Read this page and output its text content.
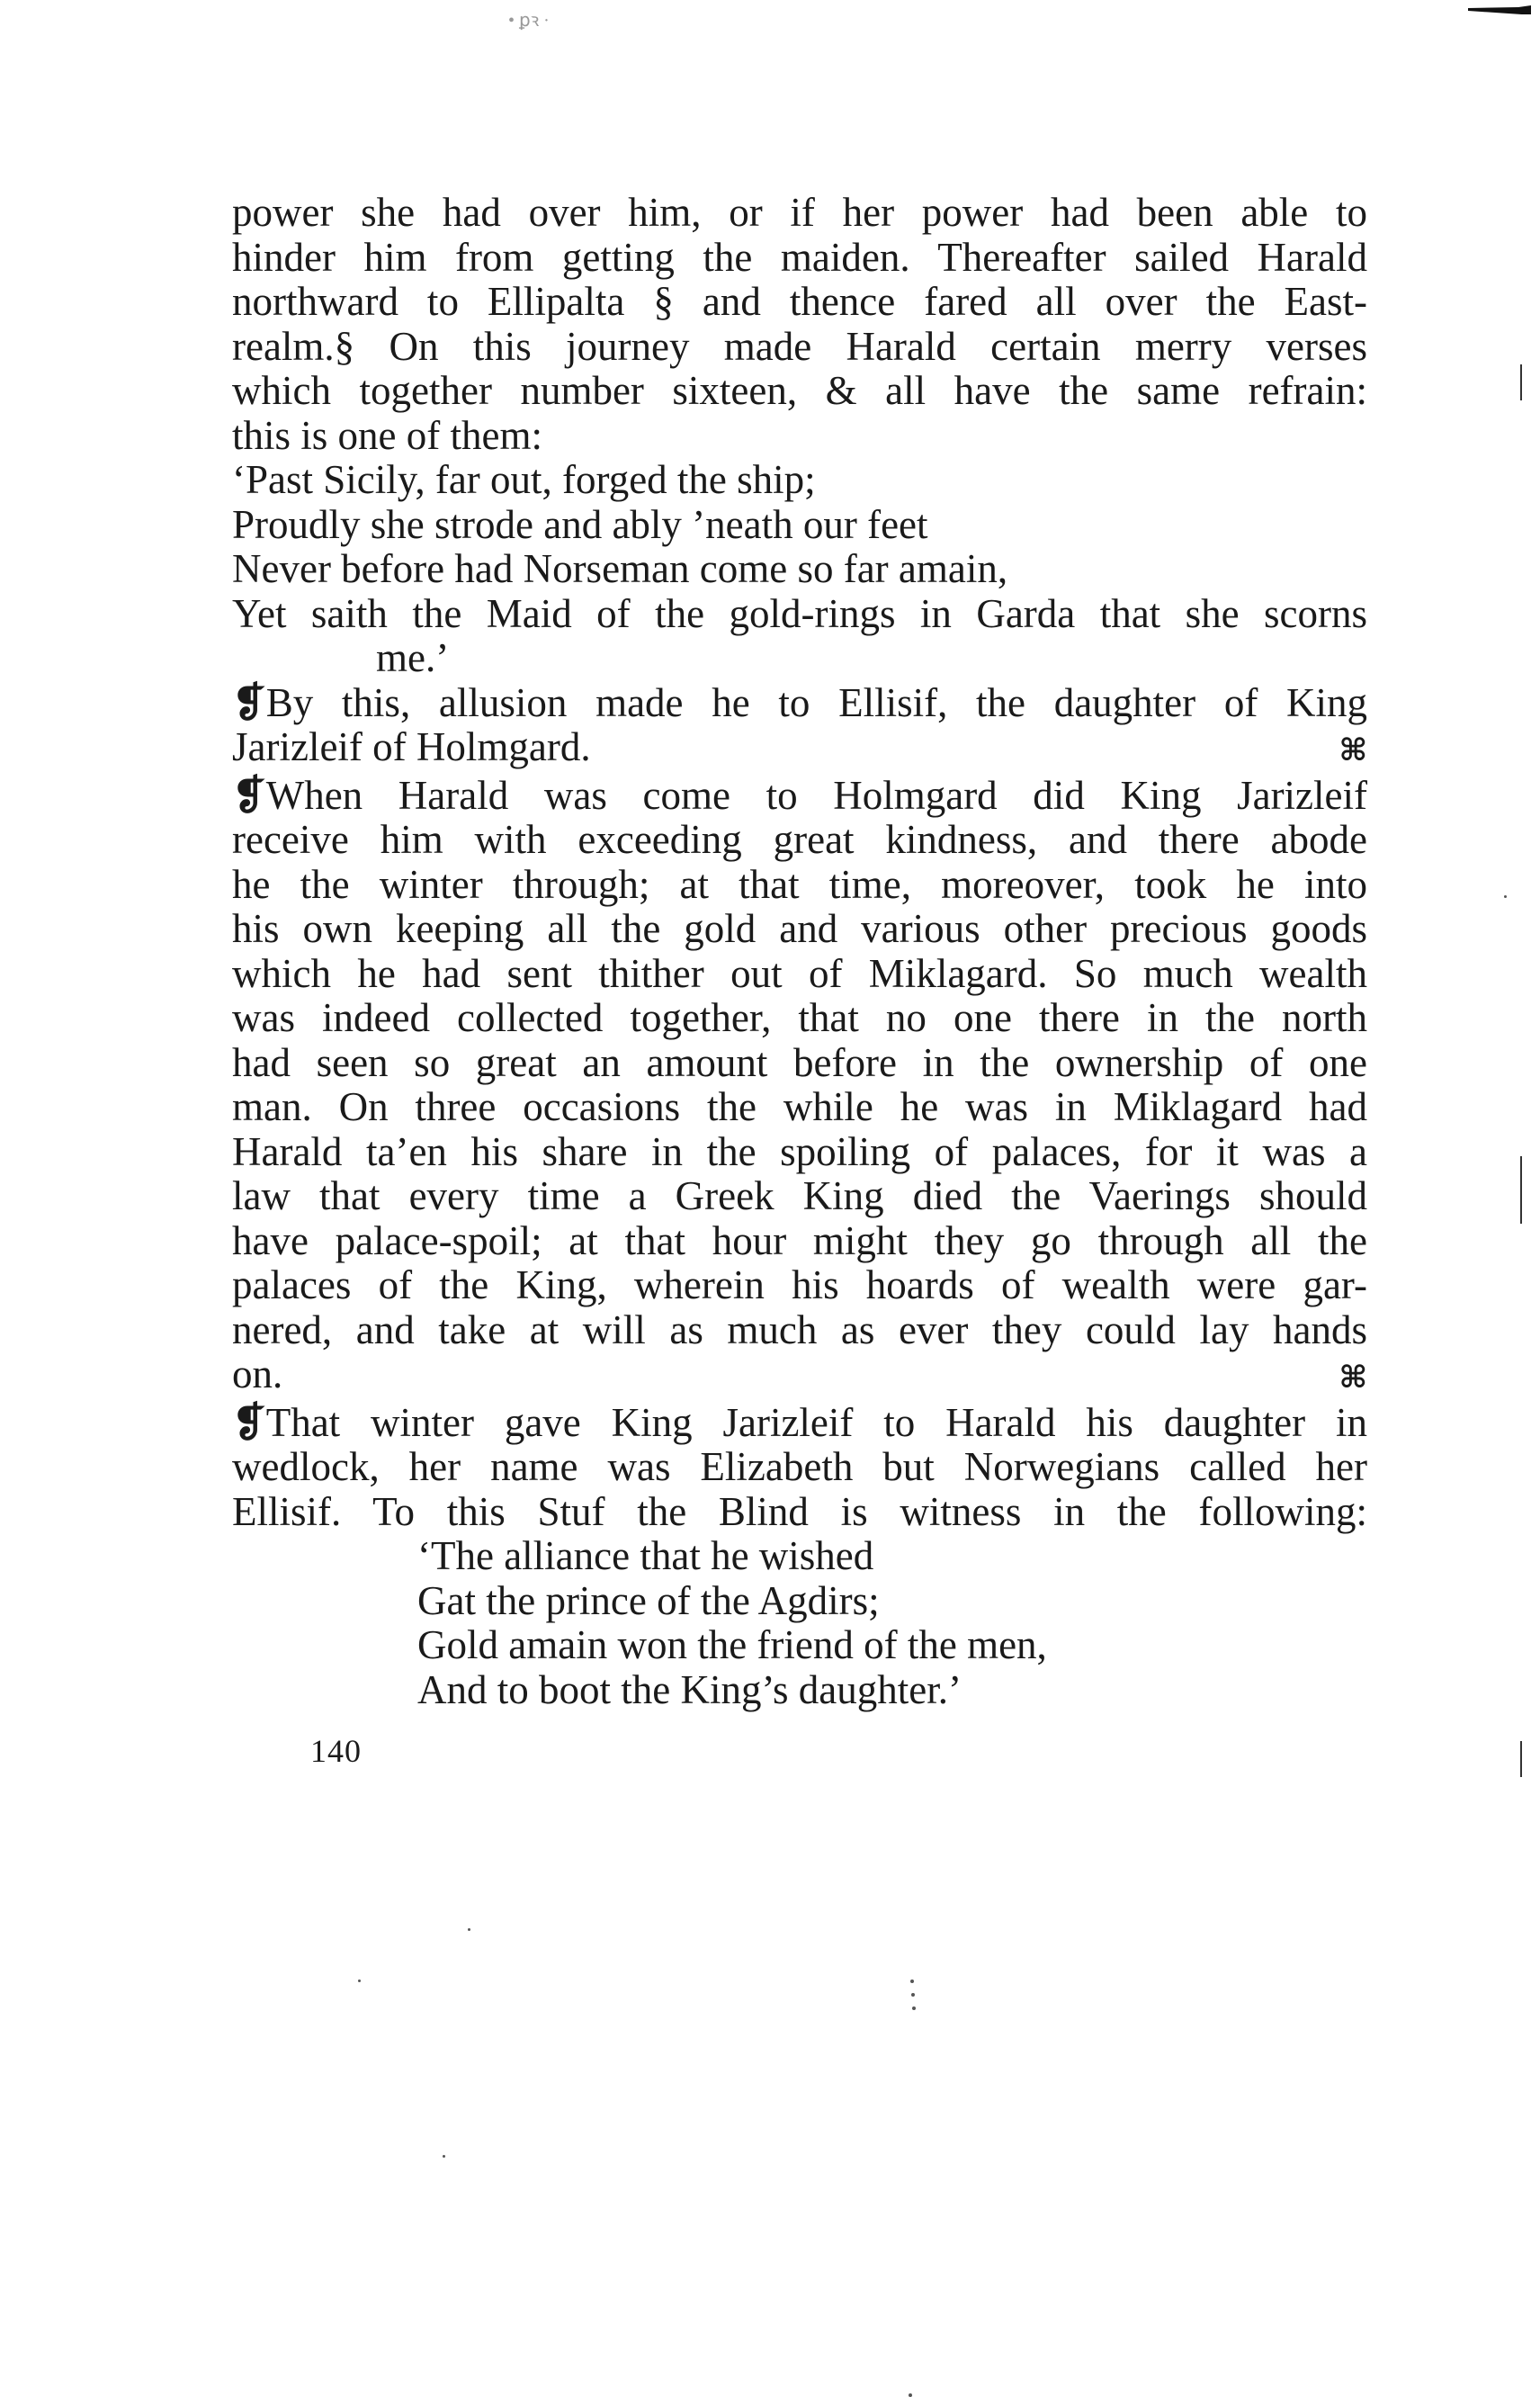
• ꝑꝛ ·
power she had over him, or if her power had been able to
hinder him from getting the maiden. Thereafter sailed Harald
northward to Ellipalta § and thence fared all over the East-
realm.§ On this journey made Harald certain merry verses
which together number sixteen, & all have the same refrain:
this is one of them:
‘Past Sicily, far out, forged the ship;
Proudly she strode and ably ’neath our feet
Never before had Norseman come so far amain,
Yet saith the Maid of the gold-rings in Garda that she scorns
me.’
❡ By this, allusion made he to Ellisif, the daughter of King
Jarizleif of Holmgard.	⌘
❡ When Harald was come to Holmgard did King Jarizleif
receive him with exceeding great kindness, and there abode
he the winter through; at that time, moreover, took he into
his own keeping all the gold and various other precious goods
which he had sent thither out of Miklagard. So much wealth
was indeed collected together, that no one there in the north
had seen so great an amount before in the ownership of one
man. On three occasions the while he was in Miklagard had
Harald ta’en his share in the spoiling of palaces, for it was a
law that every time a Greek King died the Vaerings should
have palace-spoil; at that hour might they go through all the
palaces of the King, wherein his hoards of wealth were gar-
nered, and take at will as much as ever they could lay hands
on.	⌘
❡ That winter gave King Jarizleif to Harald his daughter in
wedlock, her name was Elizabeth but Norwegians called her
Ellisif. To this Stuf the Blind is witness in the following:
‘The alliance that he wished
Gat the prince of the Agdirs;
Gold amain won the friend of the men,
And to boot the King’s daughter.’
140
